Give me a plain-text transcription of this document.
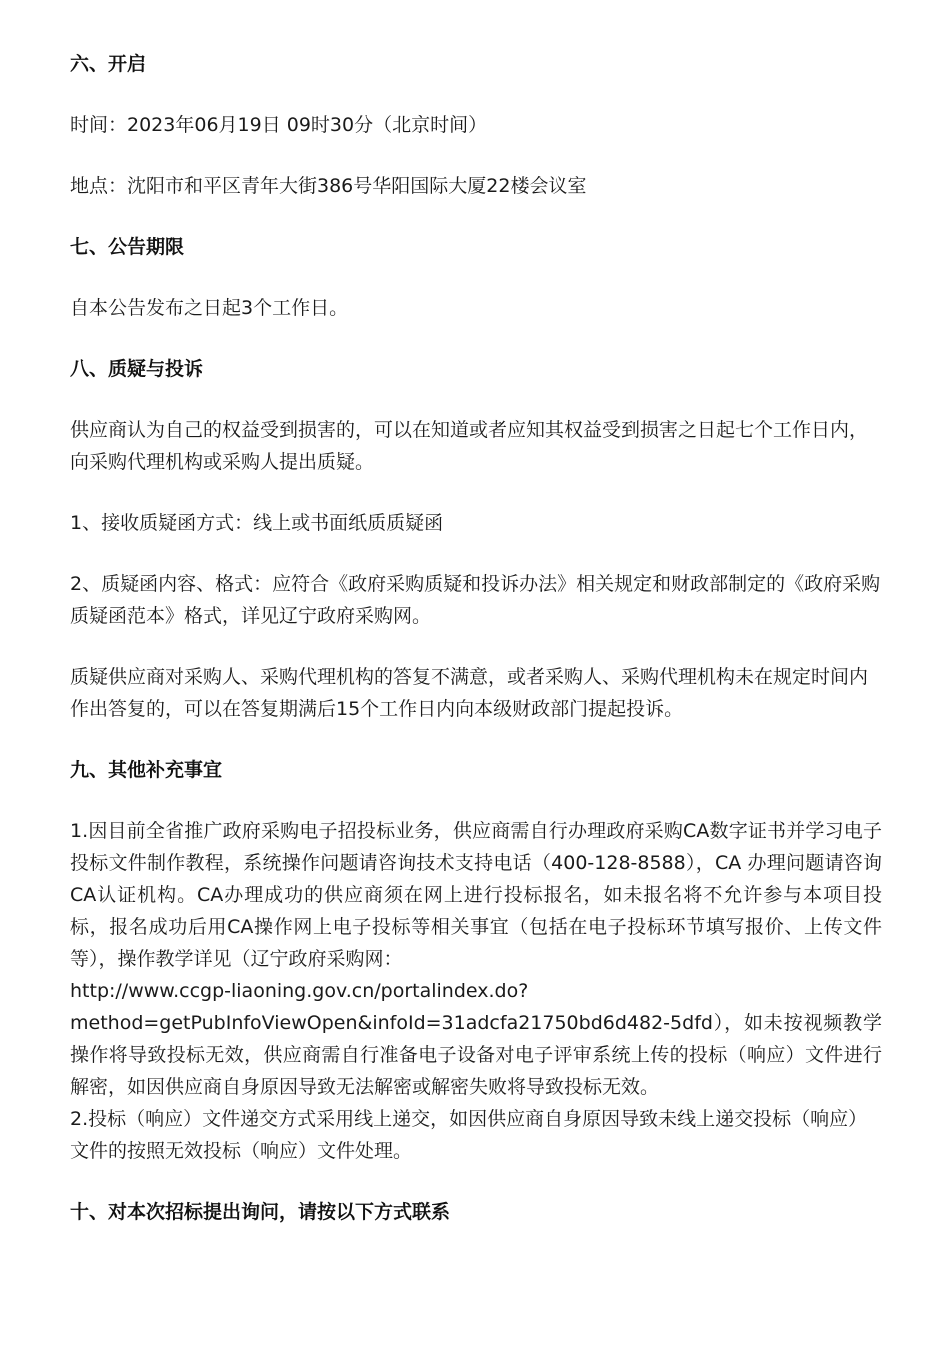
六、开启
时间：2023年06月19日 09时30分（北京时间）
地点：沈阳市和平区青年大街386号华阳国际大厦22楼会议室
七、公告期限
自本公告发布之日起3个工作日。
八、质疑与投诉
供应商认为自己的权益受到损害的，可以在知道或者应知其权益受到损害之日起七个工作日内，向采购代理机构或采购人提出质疑。
1、接收质疑函方式：线上或书面纸质质疑函
2、质疑函内容、格式：应符合《政府采购质疑和投诉办法》相关规定和财政部制定的《政府采购质疑函范本》格式，详见辽宁政府采购网。
质疑供应商对采购人、采购代理机构的答复不满意，或者采购人、采购代理机构未在规定时间内作出答复的，可以在答复期满后15个工作日内向本级财政部门提起投诉。
九、其他补充事宜
1.因目前全省推广政府采购电子招投标业务，供应商需自行办理政府采购CA数字证书并学习电子投标文件制作教程，系统操作问题请咨询技术支持电话（400-128-8588），CA 办理问题请咨询CA认证机构。CA办理成功的供应商须在网上进行投标报名，如未报名将不允许参与本项目投标，报名成功后用CA操作网上电子投标等相关事宜（包括在电子投标环节填写报价、上传文件等），操作教学详见（辽宁政府采购网：
http://www.ccgp-liaoning.gov.cn/portalindex.do?
method=getPubInfoViewOpen&infoId=31adcfa21750bd6d482-5dfd），如未按视频教学操作将导致投标无效，供应商需自行准备电子设备对电子评审系统上传的投标（响应）文件进行解密，如因供应商自身原因导致无法解密或解密失败将导致投标无效。
2.投标（响应）文件递交方式采用线上递交，如因供应商自身原因导致未线上递交投标（响应）文件的按照无效投标（响应）文件处理。
十、对本次招标提出询问，请按以下方式联系
